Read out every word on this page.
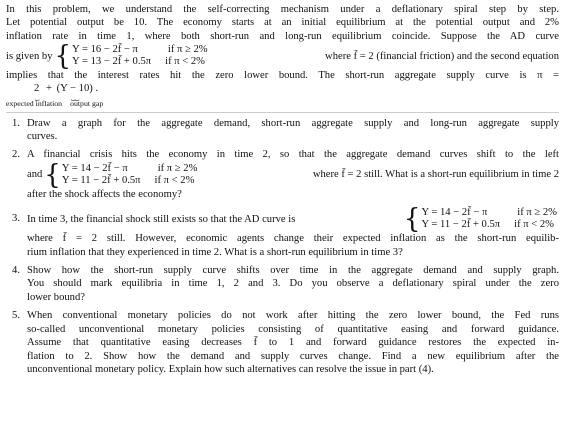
In this problem, we understand the self-correcting mechanism under a deflationary spiral step by step.
Let potential output be 10. The economy starts at an initial equilibrium at the potential output and 2%
inflation rate in time 1, where both short-run and long-run equilibrium coincide. Suppose the AD curve
is given by { Y = 16 − 2f̄ − π	if π ≥ 2%
Y = 13 − 2f̄ + 0.5π if π < 2%
where f̄ = 2 (financial friction) and the second equation
implies that the interest rates hit the zero lower bound. The short-run aggregate supply curve is π =
2
⏟
+ (Y − 10)
⏟⏟
.
expected inflation output gap
1. Draw a graph for the aggregate demand, short-run aggregate supply and long-run aggregate supply
curves.
2. A financial crisis hits the economy in time 2, so that the aggregate demand curves shift to the left
and { Y = 14 − 2f̄ − π	if π ≥ 2%
Y = 11 − 2f̄ + 0.5π if π < 2%
where f̄ = 2 still. What is a short-run equilibrium in time 2
after the shock affects the economy?
3. In time 3, the financial shock still exists so that the AD curve is	{ Y = 14 − 2f̄ − π	if π ≥ 2%
Y = 11 − 2f̄ + 0.5π if π < 2%
where f̄ = 2 still. However, economic agents change their expected inflation as the short-run equilib-
rium inflation that they experienced in time 2. What is a short-run equilibrium in time 3?
4. Show how the short-run supply curve shifts over time in the aggregate demand and supply graph.
You should mark equilibria in time 1, 2 and 3. Do you observe a deflationary spiral under the zero
lower bound?
5. When conventional monetary policies do not work after hitting the zero lower bound, the Fed runs
so-called unconventional monetary policies consisting of quantitative easing and forward guidance.
Assume that quantitative easing decreases f̄ to 1 and forward guidance restores the expected in-
flation to 2. Show how the demand and supply curves change. Find a new equilibrium after the
unconventional monetary policy. Explain how such alternatives can resolve the issue in part (4).
